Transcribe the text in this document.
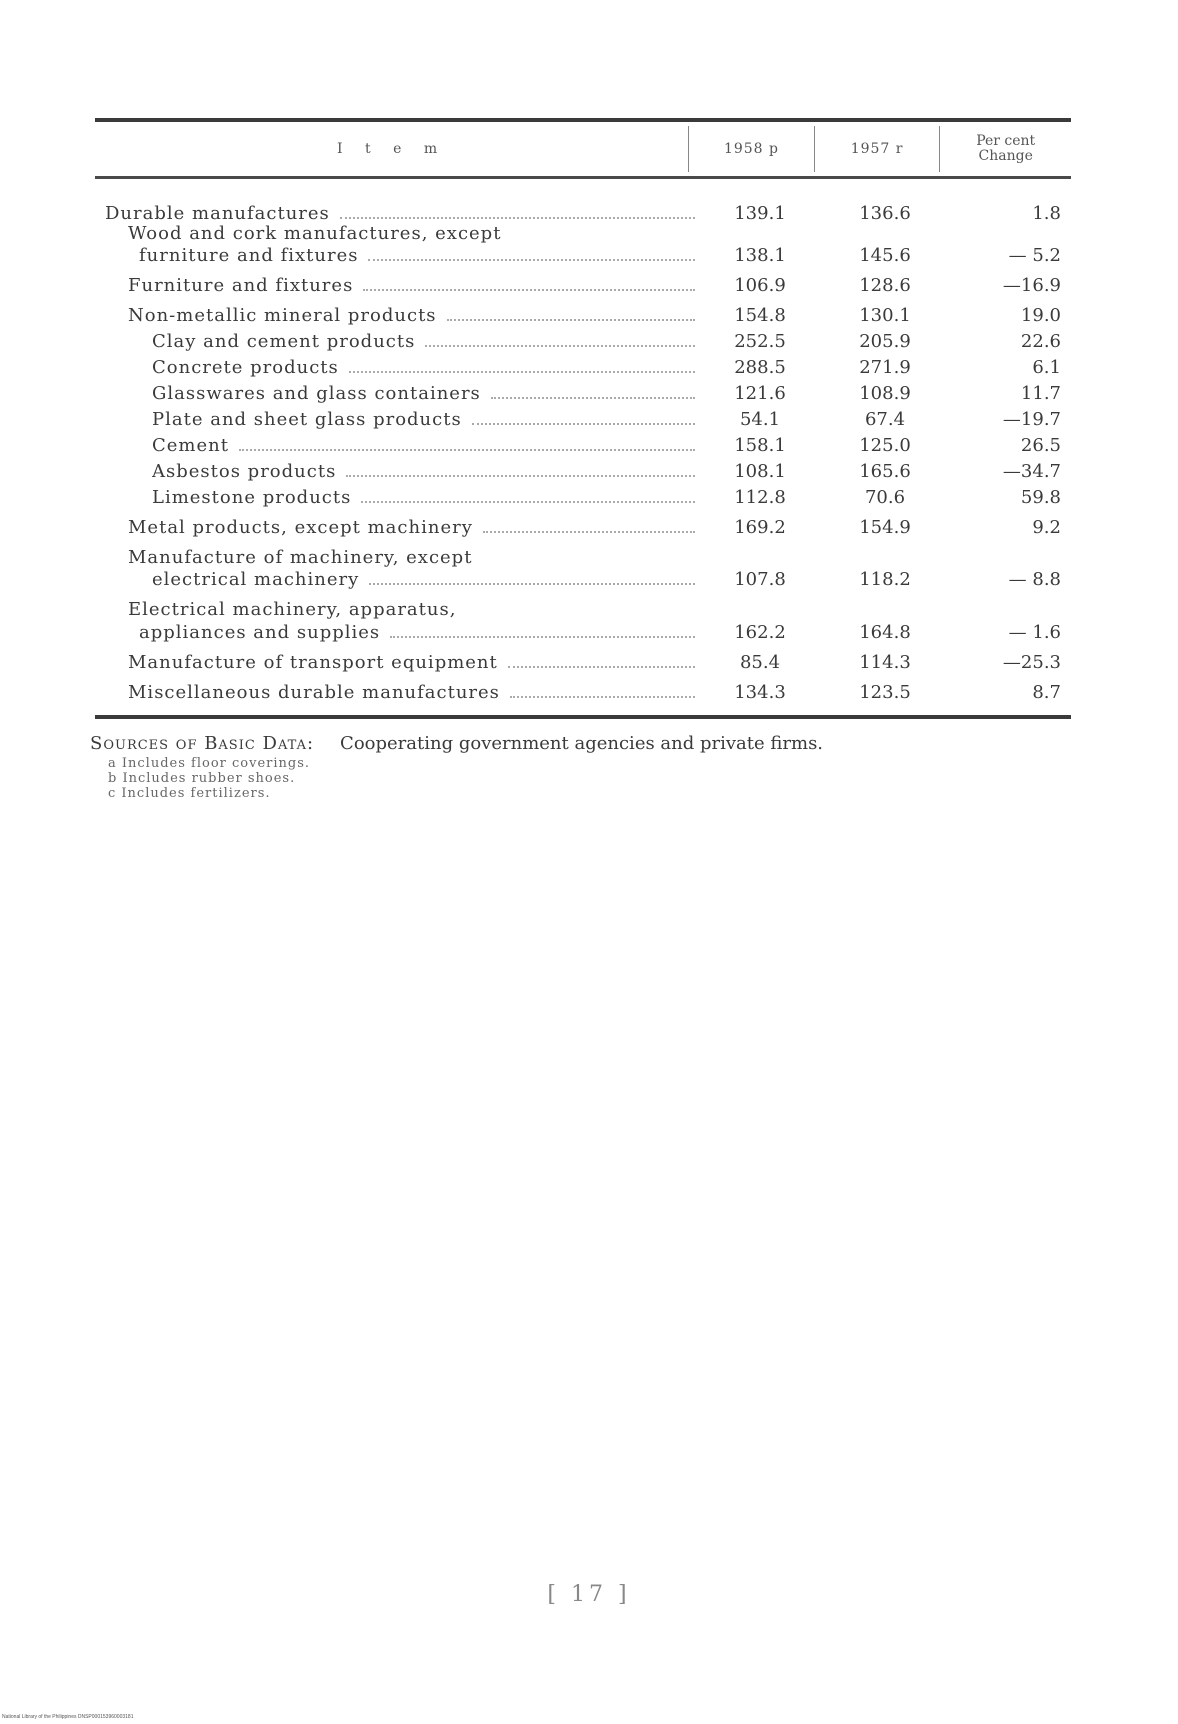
I t e m	1958 p	1957 r	Per cent
Change
Durable manufactures	139.1	136.6	1.8
Wood and cork manufactures, except
furniture and fixtures	138.1	145.6	— 5.2
Furniture and fixtures	106.9	128.6	—16.9
Non-metallic mineral products	154.8	130.1	19.0
Clay and cement products	252.5	205.9	22.6
Concrete products	288.5	271.9	6.1
Glasswares and glass containers	121.6	108.9	11.7
Plate and sheet glass products	54.1	67.4	—19.7
Cement	158.1	125.0	26.5
Asbestos products	108.1	165.6	—34.7
Limestone products	112.8	70.6	59.8
Metal products, except machinery	169.2	154.9	9.2
Manufacture of machinery, except
electrical machinery	107.8	118.2	— 8.8
Electrical machinery, apparatus,
appliances and supplies	162.2	164.8	— 1.6
Manufacture of transport equipment	85.4	114.3	—25.3
Miscellaneous durable manufactures	134.3	123.5	8.7
Sources of Basic Data: Cooperating government agencies and private firms.
a Includes floor coverings.
b Includes rubber shoes.
c Includes fertilizers.
[ 17 ]
National Library of the Philippines DNSP000153960003181
